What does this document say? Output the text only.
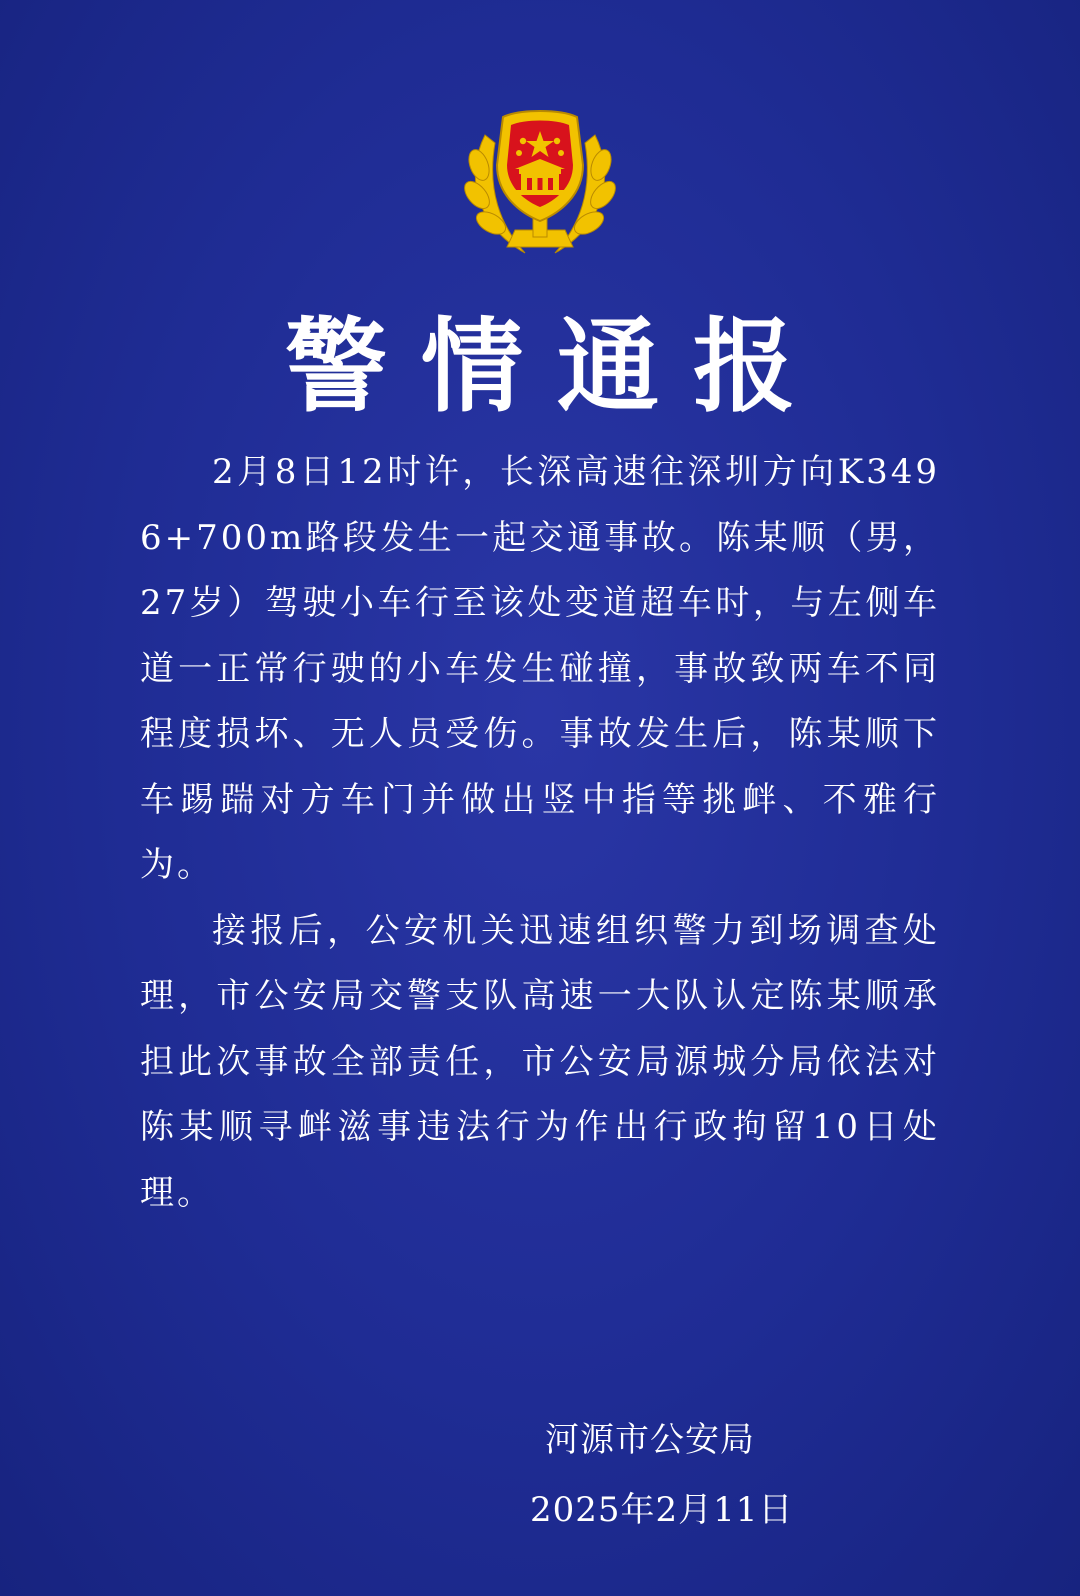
警情通报

2月8日12时许，长深高速往深圳方向K3496+700m路段发生一起交通事故。陈某顺（男，27岁）驾驶小车行至该处变道超车时，与左侧车道一正常行驶的小车发生碰撞，事故致两车不同程度损坏、无人员受伤。事故发生后，陈某顺下车踢踹对方车门并做出竖中指等挑衅、不雅行为。

接报后，公安机关迅速组织警力到场调查处理，市公安局交警支队高速一大队认定陈某顺承担此次事故全部责任，市公安局源城分局依法对陈某顺寻衅滋事违法行为作出行政拘留10日处理。

河源市公安局
2025年2月11日
